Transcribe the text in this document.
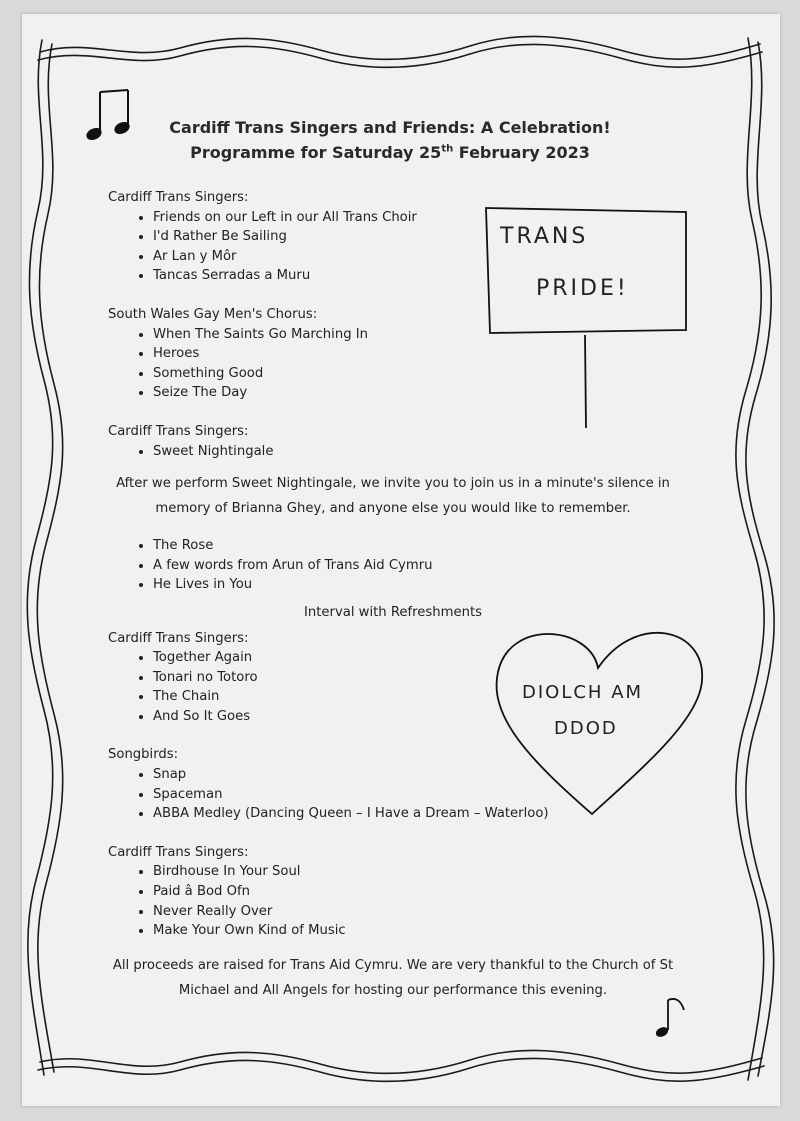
Cardiff Trans Singers and Friends: A Celebration!
Programme for Saturday 25th February 2023
TRANS
PRIDE!
DIOLCH AM
DDOD

Cardiff Trans Singers:

• Friends on our Left in our All Trans Choir
• I'd Rather Be Sailing
• Ar Lan y Môr
• Tancas Serradas a Muru

South Wales Gay Men's Chorus:

• When The Saints Go Marching In
• Heroes
• Something Good
• Seize The Day

Cardiff Trans Singers:

• Sweet Nightingale

After we perform Sweet Nightingale, we invite you to join us in a minute's silence in memory of Brianna Ghey, and anyone else you would like to remember.

• The Rose
• A few words from Arun of Trans Aid Cymru
• He Lives in You

Interval with Refreshments

Cardiff Trans Singers:

• Together Again
• Tonari no Totoro
• The Chain
• And So It Goes

Songbirds:

• Snap
• Spaceman
• ABBA Medley (Dancing Queen – I Have a Dream – Waterloo)

Cardiff Trans Singers:

• Birdhouse In Your Soul
• Paid â Bod Ofn
• Never Really Over
• Make Your Own Kind of Music

All proceeds are raised for Trans Aid Cymru. We are very thankful to the Church of St Michael and All Angels for hosting our performance this evening.
